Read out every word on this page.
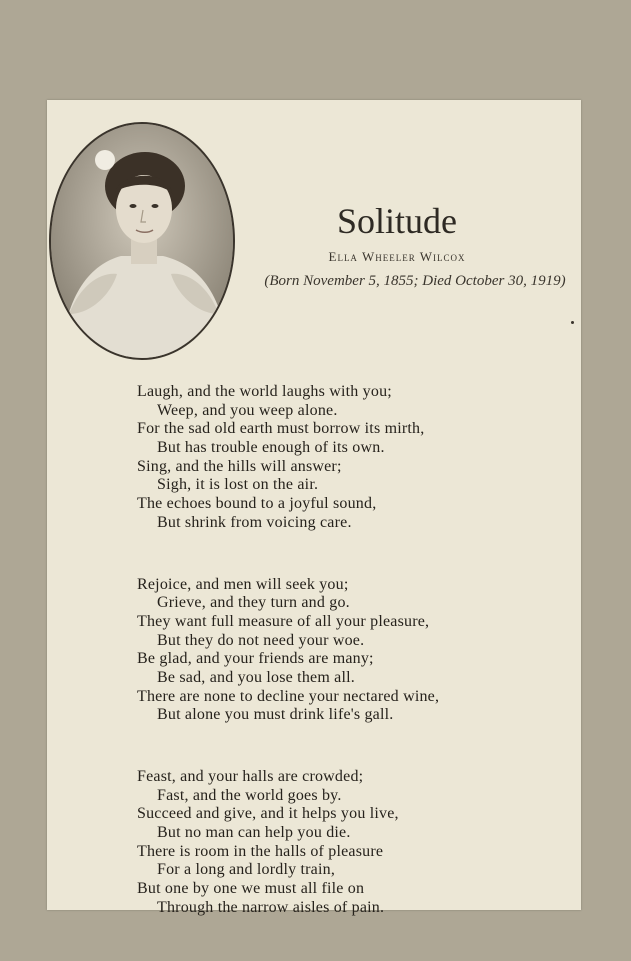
Solitude
Ella Wheeler Wilcox
(Born November 5, 1855; Died October 30, 1919)
Laugh, and the world laughs with you;
Weep, and you weep alone.
For the sad old earth must borrow its mirth,
But has trouble enough of its own.
Sing, and the hills will answer;
Sigh, it is lost on the air.
The echoes bound to a joyful sound,
But shrink from voicing care.
Rejoice, and men will seek you;
Grieve, and they turn and go.
They want full measure of all your pleasure,
But they do not need your woe.
Be glad, and your friends are many;
Be sad, and you lose them all.
There are none to decline your nectared wine,
But alone you must drink life's gall.
Feast, and your halls are crowded;
Fast, and the world goes by.
Succeed and give, and it helps you live,
But no man can help you die.
There is room in the halls of pleasure
For a long and lordly train,
But one by one we must all file on
Through the narrow aisles of pain.
